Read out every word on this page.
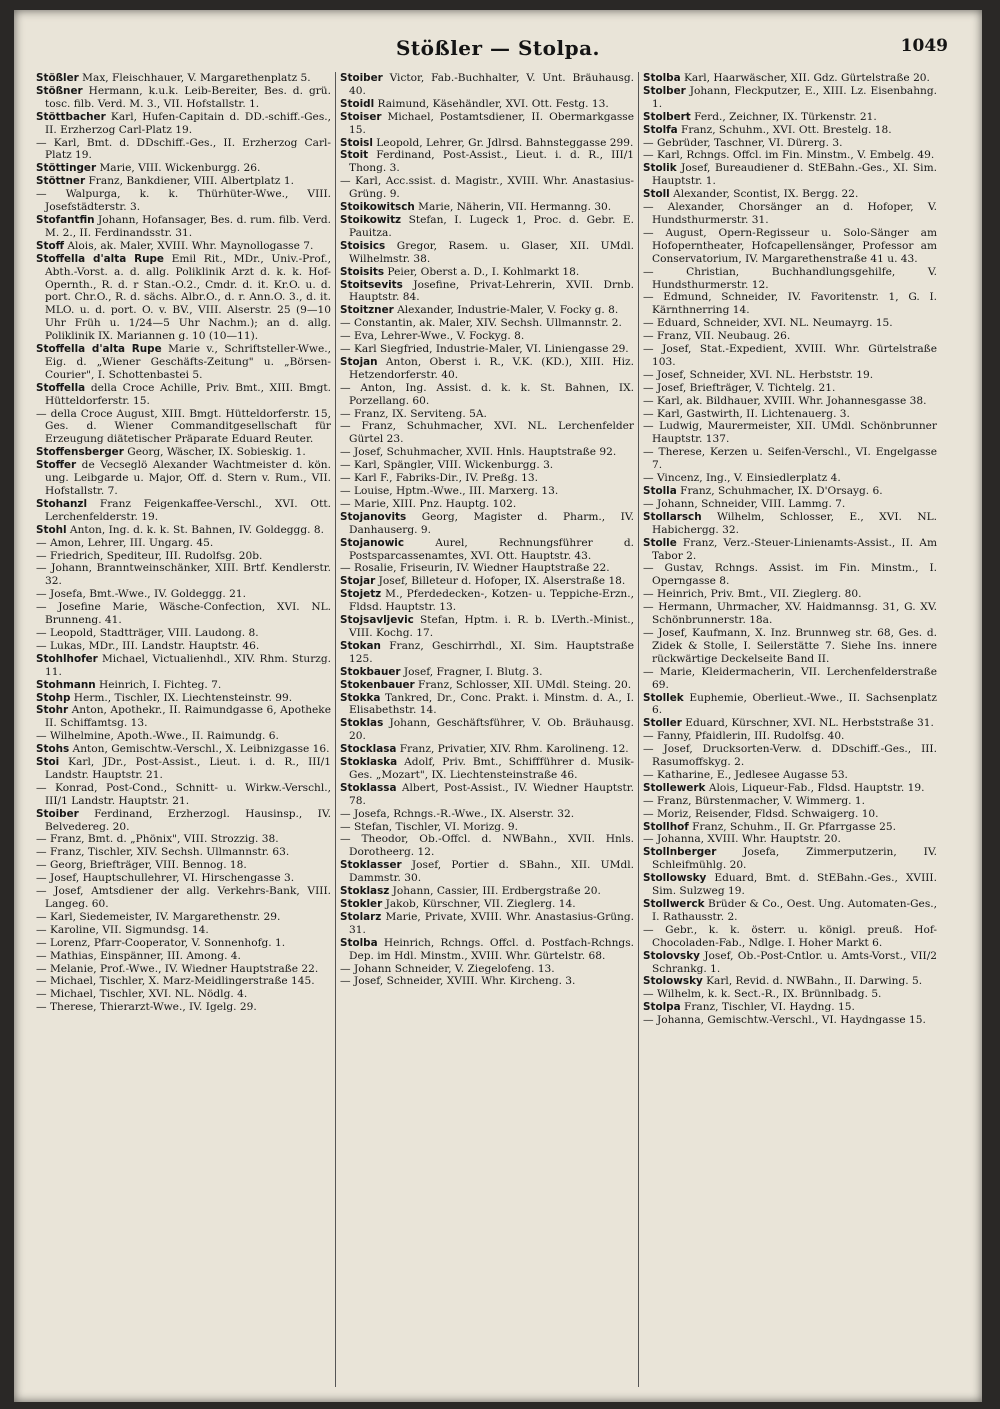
Stößler — Stolpa.	1049

Stößler Max, Fleischhauer, V. Margarethenplatz 5.

Stößner Hermann, k.u.k. Leib-Bereiter, Bes. d. grü. tosc. filb. Verd. M. 3., VII. Hofstallstr. 1.

Stöttbacher Karl, Hufen-Capitain d. DD.-schiff.-Ges., II. Erzherzog Carl-Platz 19.

— Karl, Bmt. d. DDschiff.-Ges., II. Erzherzog Carl-Platz 19.

Stöttinger Marie, VIII. Wickenburgg. 26.

Stöttner Franz, Bankdiener, VIII. Albertplatz 1.

— Walpurga, k. k. Thürhüter-Wwe., VIII. Josefstädterstr. 3.

Stofantfin Johann, Hofansager, Bes. d. rum. filb. Verd. M. 2., II. Ferdinandsstr. 31.

Stoff Alois, ak. Maler, XVIII. Whr. Maynollogasse 7.

Stoffella d'alta Rupe Emil Rit., MDr., Univ.-Prof., Abth.-Vorst. a. d. allg. Poliklinik Arzt d. k. k. Hof-Opernth., R. d. r Stan.-O.2., Cmdr. d. it. Kr.O. u. d. port. Chr.O., R. d. sächs. Albr.O., d. r. Ann.O. 3., d. it. MLO. u. d. port. O. v. BV., VIII. Alserstr. 25 (9—10 Uhr Früh u. 1/24—5 Uhr Nachm.); an d. allg. Poliklinik IX. Mariannen g. 10 (10—11).

Stoffella d'alta Rupe Marie v., Schriftsteller-Wwe., Eig. d. „Wiener Geschäfts-Zeitung" u. „Börsen-Courier", I. Schottenbastei 5.

Stoffella della Croce Achille, Priv. Bmt., XIII. Bmgt. Hütteldorferstr. 15.

— della Croce August, XIII. Bmgt. Hütteldorferstr. 15, Ges. d. Wiener Commanditgesellschaft für Erzeugung diätetischer Präparate Eduard Reuter.

Stoffensberger Georg, Wäscher, IX. Sobieskig. 1.

Stoffer de Vecseglö Alexander Wachtmeister d. kön. ung. Leibgarde u. Major, Off. d. Stern v. Rum., VII. Hofstallstr. 7.

Stohanzl Franz Feigenkaffee-Verschl., XVI. Ott. Lerchenfelderstr. 19.

Stohl Anton, Ing. d. k. k. St. Bahnen, IV. Goldeggg. 8.

— Amon, Lehrer, III. Ungarg. 45.

— Friedrich, Spediteur, III. Rudolfsg. 20b.

— Johann, Branntweinschänker, XIII. Brtf. Kendlerstr. 32.

— Josefa, Bmt.-Wwe., IV. Goldeggg. 21.

— Josefine Marie, Wäsche-Confection, XVI. NL. Brunneng. 41.

— Leopold, Stadtträger, VIII. Laudong. 8.

— Lukas, MDr., III. Landstr. Hauptstr. 46.

Stohlhofer Michael, Victualienhdl., XIV. Rhm. Sturzg. 11.

Stohmann Heinrich, I. Fichteg. 7.

Stohp Herm., Tischler, IX. Liechtensteinstr. 99.

Stohr Anton, Apothekr., II. Raimundgasse 6, Apotheke II. Schiffamtsg. 13.

— Wilhelmine, Apoth.-Wwe., II. Raimundg. 6.

Stohs Anton, Gemischtw.-Verschl., X. Leibnizgasse 16.

Stoi Karl, JDr., Post-Assist., Lieut. i. d. R., III/1 Landstr. Hauptstr. 21.

— Konrad, Post-Cond., Schnitt- u. Wirkw.-Verschl., III/1 Landstr. Hauptstr. 21.

Stoiber Ferdinand, Erzherzogl. Hausinsp., IV. Belvedereg. 20.

— Franz, Bmt. d. „Phönix", VIII. Strozzig. 38.

— Franz, Tischler, XIV. Sechsh. Ullmannstr. 63.

— Georg, Briefträger, VIII. Bennog. 18.

— Josef, Hauptschullehrer, VI. Hirschengasse 3.

— Josef, Amtsdiener der allg. Verkehrs-Bank, VIII. Langeg. 60.

— Karl, Siedemeister, IV. Margarethenstr. 29.

— Karoline, VII. Sigmundsg. 14.

— Lorenz, Pfarr-Cooperator, V. Sonnenhofg. 1.

— Mathias, Einspänner, III. Among. 4.

— Melanie, Prof.-Wwe., IV. Wiedner Hauptstraße 22.

— Michael, Tischler, X. Marz-Meidlingerstraße 145.

— Michael, Tischler, XVI. NL. Nödlg. 4.

— Therese, Thierarzt-Wwe., IV. Igelg. 29.

Stoiber Victor, Fab.-Buchhalter, V. Unt. Bräuhausg. 40.

Stoidl Raimund, Käsehändler, XVI. Ott. Festg. 13.

Stoiser Michael, Postamtsdiener, II. Obermarkgasse 15.

Stoisl Leopold, Lehrer, Gr. Jdlrsd. Bahnsteggasse 299.

Stoit Ferdinand, Post-Assist., Lieut. i. d. R., III/1 Thong. 3.

— Karl, Acc.ssist. d. Magistr., XVIII. Whr. Anastasius-Grüng. 9.

Stoikowitsch Marie, Näherin, VII. Hermanng. 30.

Stoikowitz Stefan, I. Lugeck 1, Proc. d. Gebr. E. Pauitza.

Stoisics Gregor, Rasem. u. Glaser, XII. UMdl. Wilhelmstr. 38.

Stoisits Peier, Oberst a. D., I. Kohlmarkt 18.

Stoitsevits Josefine, Privat-Lehrerin, XVII. Drnb. Hauptstr. 84.

Stoitzner Alexander, Industrie-Maler, V. Focky g. 8.

— Constantin, ak. Maler, XIV. Sechsh. Ullmannstr. 2.

— Eva, Lehrer-Wwe., V. Fockyg. 8.

— Karl Siegfried, Industrie-Maler, VI. Liniengasse 29.

Stojan Anton, Oberst i. R., V.K. (KD.), XIII. Hiz. Hetzendorferstr. 40.

— Anton, Ing. Assist. d. k. k. St. Bahnen, IX. Porzellang. 60.

— Franz, IX. Serviteng. 5A.

— Franz, Schuhmacher, XVI. NL. Lerchenfelder Gürtel 23.

— Josef, Schuhmacher, XVII. Hnls. Hauptstraße 92.

— Karl, Spängler, VIII. Wickenburgg. 3.

— Karl F., Fabriks-Dir., IV. Preßg. 13.

— Louise, Hptm.-Wwe., III. Marxerg. 13.

— Marie, XIII. Pnz. Hauptg. 102.

Stojanovits Georg, Magister d. Pharm., IV. Danhauserg. 9.

Stojanowic Aurel, Rechnungsführer d. Postsparcassenamtes, XVI. Ott. Hauptstr. 43.

— Rosalie, Friseurin, IV. Wiedner Hauptstraße 22.

Stojar Josef, Billeteur d. Hofoper, IX. Alserstraße 18.

Stojetz M., Pferdedecken-, Kotzen- u. Teppiche-Erzn., Fldsd. Hauptstr. 13.

Stojsavljevic Stefan, Hptm. i. R. b. LVerth.-Minist., VIII. Kochg. 17.

Stokan Franz, Geschirrhdl., XI. Sim. Hauptstraße 125.

Stokbauer Josef, Fragner, I. Blutg. 3.

Stokenbauer Franz, Schlosser, XII. UMdl. Steing. 20.

Stokka Tankred, Dr., Conc. Prakt. i. Minstm. d. A., I. Elisabethstr. 14.

Stoklas Johann, Geschäftsführer, V. Ob. Bräuhausg. 20.

Stocklasa Franz, Privatier, XIV. Rhm. Karolineng. 12.

Stoklaska Adolf, Priv. Bmt., Schiffführer d. Musik-Ges. „Mozart", IX. Liechtensteinstraße 46.

Stoklassa Albert, Post-Assist., IV. Wiedner Hauptstr. 78.

— Josefa, Rchngs.-R.-Wwe., IX. Alserstr. 32.

— Stefan, Tischler, VI. Morizg. 9.

— Theodor, Ob.-Offcl. d. NWBahn., XVII. Hnls. Dorotheerg. 12.

Stoklasser Josef, Portier d. SBahn., XII. UMdl. Dammstr. 30.

Stoklasz Johann, Cassier, III. Erdbergstraße 20.

Stokler Jakob, Kürschner, VII. Zieglerg. 14.

Stolarz Marie, Private, XVIII. Whr. Anastasius-Grüng. 31.

Stolba Heinrich, Rchngs. Offcl. d. Postfach-Rchngs. Dep. im Hdl. Minstm., XVIII. Whr. Gürtelstr. 68.

— Johann Schneider, V. Ziegelofeng. 13.

— Josef, Schneider, XVIII. Whr. Kircheng. 3.

Stolba Karl, Haarwäscher, XII. Gdz. Gürtelstraße 20.

Stolber Johann, Fleckputzer, E., XIII. Lz. Eisenbahng. 1.

Stolbert Ferd., Zeichner, IX. Türkenstr. 21.

Stolfa Franz, Schuhm., XVI. Ott. Brestelg. 18.

— Gebrüder, Taschner, VI. Dürerg. 3.

— Karl, Rchngs. Offcl. im Fin. Minstm., V. Embelg. 49.

Stolik Josef, Bureaudiener d. StEBahn.-Ges., XI. Sim. Hauptstr. 1.

Stoll Alexander, Scontist, IX. Bergg. 22.

— Alexander, Chorsänger an d. Hofoper, V. Hundsthurmerstr. 31.

— August, Opern-Regisseur u. Solo-Sänger am Hofoperntheater, Hofcapellensänger, Professor am Conservatorium, IV. Margarethenstraße 41 u. 43.

— Christian, Buchhandlungsgehilfe, V. Hundsthurmerstr. 12.

— Edmund, Schneider, IV. Favoritenstr. 1, G. I. Kärnthnerring 14.

— Eduard, Schneider, XVI. NL. Neumayrg. 15.

— Franz, VII. Neubaug. 26.

— Josef, Stat.-Expedient, XVIII. Whr. Gürtelstraße 103.

— Josef, Schneider, XVI. NL. Herbststr. 19.

— Josef, Briefträger, V. Tichtelg. 21.

— Karl, ak. Bildhauer, XVIII. Whr. Johannesgasse 38.

— Karl, Gastwirth, II. Lichtenauerg. 3.

— Ludwig, Maurermeister, XII. UMdl. Schönbrunner Hauptstr. 137.

— Therese, Kerzen u. Seifen-Verschl., VI. Engelgasse 7.

— Vincenz, Ing., V. Einsiedlerplatz 4.

Stolla Franz, Schuhmacher, IX. D'Orsayg. 6.

— Johann, Schneider, VIII. Lammg. 7.

Stollarsch Wilhelm, Schlosser, E., XVI. NL. Habichergg. 32.

Stolle Franz, Verz.-Steuer-Linienamts-Assist., II. Am Tabor 2.

— Gustav, Rchngs. Assist. im Fin. Minstm., I. Operngasse 8.

— Heinrich, Priv. Bmt., VII. Zieglerg. 80.

— Hermann, Uhrmacher, XV. Haidmannsg. 31, G. XV. Schönbrunnerstr. 18a.

— Josef, Kaufmann, X. Inz. Brunnweg str. 68, Ges. d. Zidek & Stolle, I. Seilerstätte 7. Siehe Ins. innere rückwärtige Deckelseite Band II.

— Marie, Kleidermacherin, VII. Lerchenfelderstraße 69.

Stollek Euphemie, Oberlieut.-Wwe., II. Sachsenplatz 6.

Stoller Eduard, Kürschner, XVI. NL. Herbststraße 31.

— Fanny, Pfaidlerin, III. Rudolfsg. 40.

— Josef, Drucksorten-Verw. d. DDschiff.-Ges., III. Rasumoffskyg. 2.

— Katharine, E., Jedlesee Augasse 53.

Stollewerk Alois, Liqueur-Fab., Fldsd. Hauptstr. 19.

— Franz, Bürstenmacher, V. Wimmerg. 1.

— Moriz, Reisender, Fldsd. Schwaigerg. 10.

Stollhof Franz, Schuhm., II. Gr. Pfarrgasse 25.

— Johanna, XVIII. Whr. Hauptstr. 20.

Stollnberger Josefa, Zimmerputzerin, IV. Schleifmühlg. 20.

Stollowsky Eduard, Bmt. d. StEBahn.-Ges., XVIII. Sim. Sulzweg 19.

Stollwerck Brüder & Co., Oest. Ung. Automaten-Ges., I. Rathausstr. 2.

— Gebr., k. k. österr. u. königl. preuß. Hof-Chocoladen-Fab., Ndlge. I. Hoher Markt 6.

Stolovsky Josef, Ob.-Post-Cntlor. u. Amts-Vorst., VII/2 Schrankg. 1.

Stolowsky Karl, Revid. d. NWBahn., II. Darwing. 5.

— Wilhelm, k. k. Sect.-R., IX. Brünnlbadg. 5.

Stolpa Franz, Tischler, VI. Haydng. 15.

— Johanna, Gemischtw.-Verschl., VI. Haydngasse 15.
